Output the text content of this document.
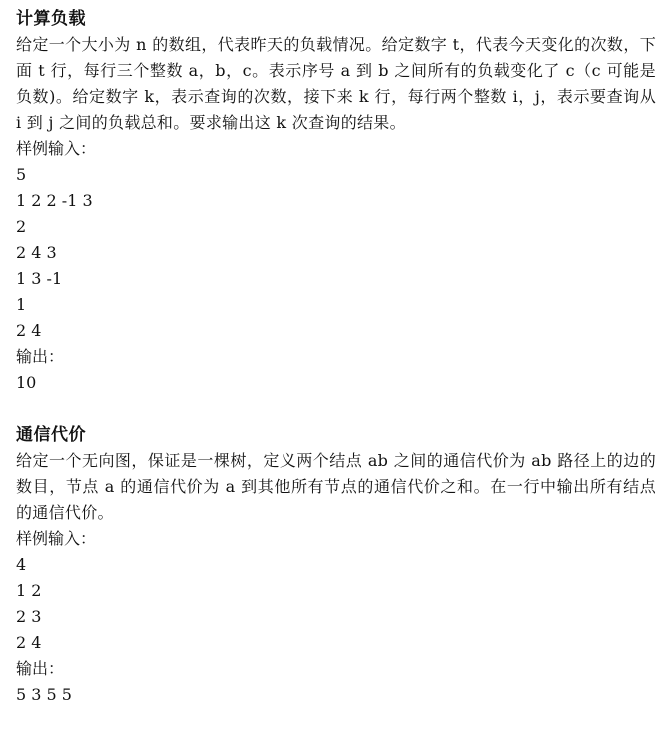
计算负载

给定一个大小为 n 的数组，代表昨天的负载情况。给定数字 t，代表今天变化的次数，下面 t 行，每行三个整数 a，b，c。表示序号 a 到 b 之间所有的负载变化了 c（c 可能是负数)。给定数字 k，表示查询的次数，接下来 k 行，每行两个整数 i，j，表示要查询从 i 到 j 之间的负载总和。要求输出这 k 次查询的结果。

样例输入：

5

1 2 2 -1 3

2

2 4 3

1 3 -1

1

2 4

输出：

10

通信代价

给定一个无向图，保证是一棵树，定义两个结点 ab 之间的通信代价为 ab 路径上的边的数目，节点 a 的通信代价为 a 到其他所有节点的通信代价之和。在一行中输出所有结点的通信代价。

样例输入：

4

1 2

2 3

2 4

输出：

5 3 5 5
